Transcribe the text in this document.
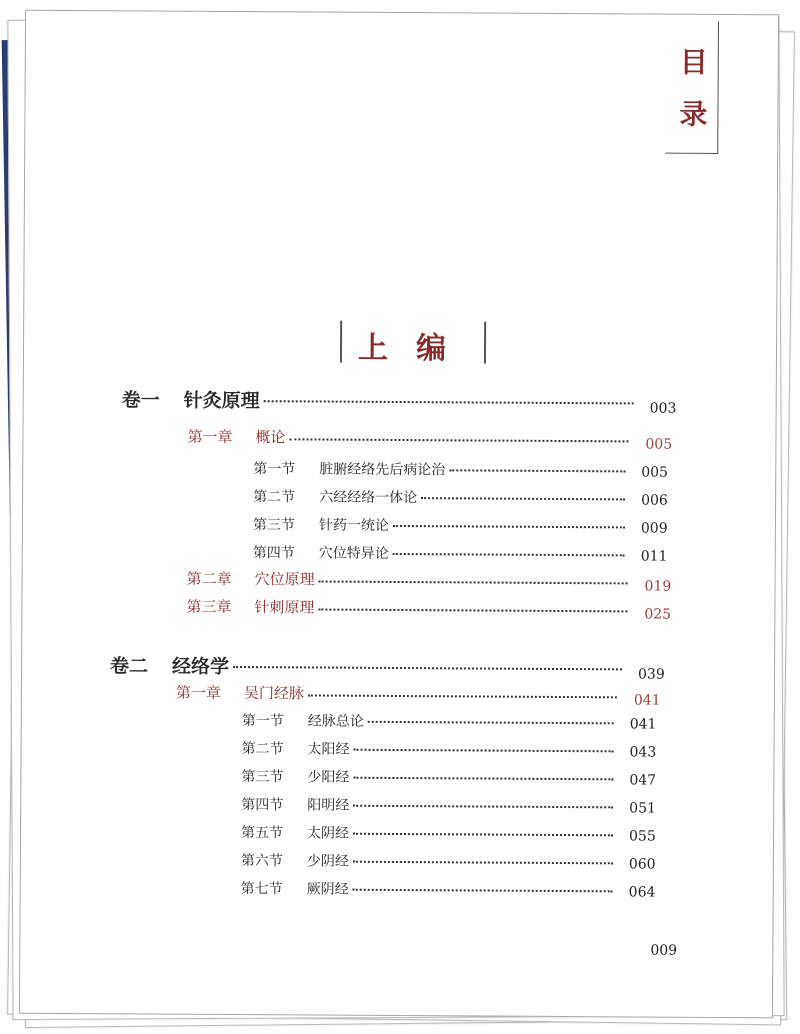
目
录
上编
卷一 针灸原理	003
第一章 概论	005
第一节 脏腑经络先后病论治	005
第二节 六经经络一体论	006
第三节 针药一统论	009
第四节 穴位特异论	011
第二章 穴位原理	019
第三章 针刺原理	025
卷二 经络学	039
第一章 吴门经脉	041
第一节 经脉总论	041
第二节 太阳经	043
第三节 少阳经	047
第四节 阳明经	051
第五节 太阴经	055
第六节 少阴经	060
第七节 厥阴经	064
009
